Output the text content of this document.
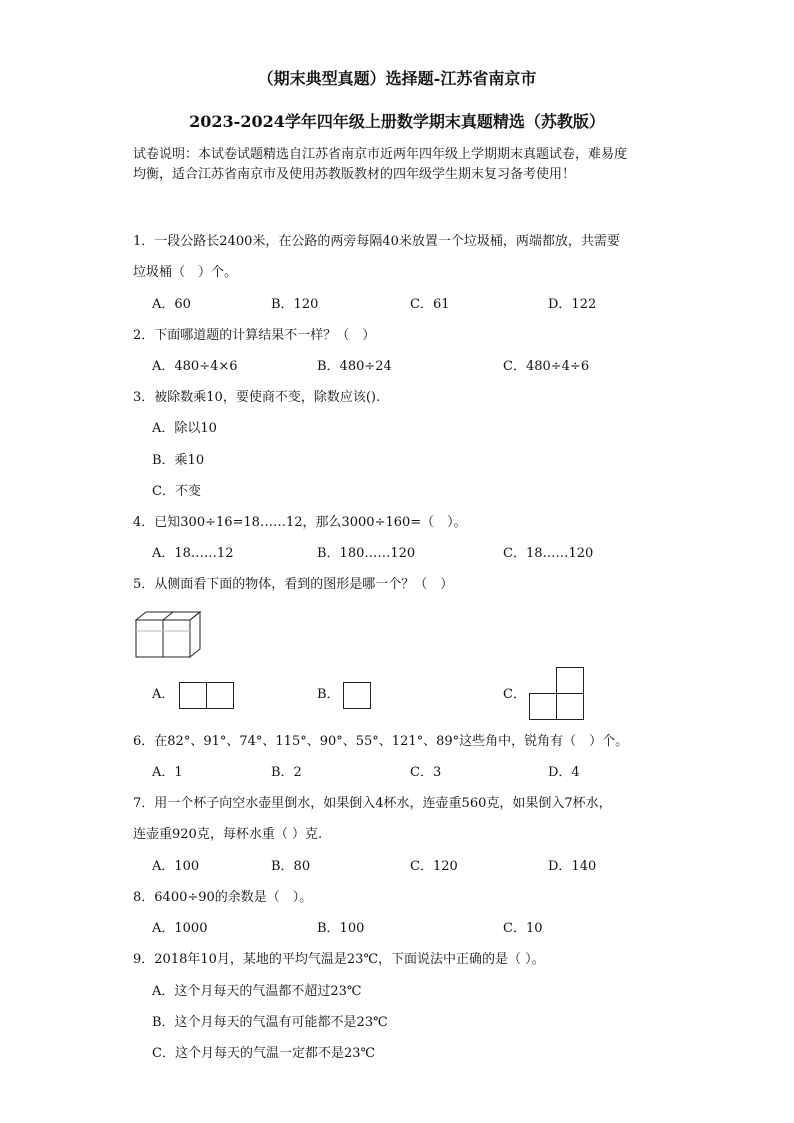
（期末典型真题）选择题-江苏省南京市
2023-2024学年四年级上册数学期末真题精选（苏教版）
试卷说明：本试卷试题精选自江苏省南京市近两年四年级上学期期末真题试卷，难易度
均衡，适合江苏省南京市及使用苏教版教材的四年级学生期末复习备考使用！
1．一段公路长2400米，在公路的两旁每隔40米放置一个垃圾桶，两端都放，共需要
垃圾桶（　）个。
A．60	B．120	C．61	D．122
2．下面哪道题的计算结果不一样？（　）
A．480÷4×6	B．480÷24	C．480÷4÷6
3．被除数乘10，要使商不变，除数应该().
A．除以10
B．乘10
C．不变
4．已知300÷16=18……12，那么3000÷160=（　）。
A．18……12	B．180……120	C．18……120
5．从侧面看下面的物体，看到的图形是哪一个？（　）
A．	B．	C．
6．在82°、91°、74°、115°、90°、55°、121°、89°这些角中，锐角有（　）个。
A．1	B．2	C．3	D．4
7．用一个杯子向空水壶里倒水，如果倒入4杯水，连壶重560克，如果倒入7杯水，
连壶重920克，每杯水重（ ）克.
A．100	B．80	C．120	D．140
8．6400÷90的余数是（　）。
A．1000	B．100	C．10
9．2018年10月，某地的平均气温是23℃，下面说法中正确的是（ ）。
A．这个月每天的气温都不超过23℃
B．这个月每天的气温有可能都不是23℃
C．这个月每天的气温一定都不是23℃
